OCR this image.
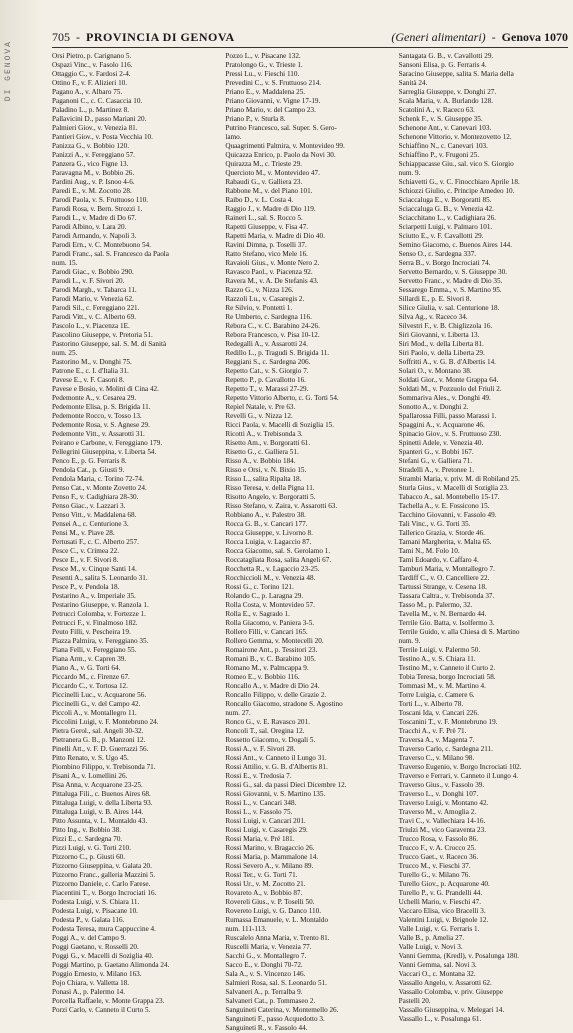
DI GENOVA
705  -  PROVINCIA DI GENOVA	(Generi alimentari)  -  Genova 1070
Orsi Pietro, p. Carignano 5.
Ospazi Vinc., v. Fasolo 116.
Ottaggio C., v. Fardosi 2-4.
Ottino F., v. F. Alizieri 10.
Pagano A., v. Albaro 75.
Paganoni C., c. C. Casaccia 10.
Paladino L., p. Martinez 8.
Pallavicini D., passo Mariani 20.
Palmieri Giov., v. Venezia 81.
Pantieri Giov., v. Posta Vecchia 10.
Panizza G., v. Bobbio 120.
Panizzi A., v. Fereggiano 57.
Panzera G., vico Figne 13.
Paravagna M., v. Bobbio 26.
Pardini Aug., v. P. Isnoo 4-6.
Paredi E., v. M. Zocotto 28.
Parodi Paola, v. S. Fruttuoso 110.
Parodi Rosa, v. Bern. Strozzi 1.
Parodi L., v. Madre di Do 67.
Parodi Albino, v. Lara 20.
Parodi Armando, v. Napoli 3.
Parodi Ern., v. C. Montebuono 54.
Parodi Franc., sal. S. Francesco da Paola
num. 15.
Parodi Giac., v. Bobbio 290.
Parodi L., v. F. Sivori 20.
Parodi Margh., v. Tabarca 11.
Parodi Mario, v. Venezia 62.
Parodi Sil., c. Fereggiano 221.
Parodi Vitt., v. C. Alberto 69.
Pascolo L., v. Piacenza 1E.
Pascolino Giuseppe, v. Pretoria 51.
Pastorino Giuseppe, sal. S. M. di Sanità
num. 25.
Pastorino M., v. Donghi 75.
Patrone E., c. I. d'Italia 31.
Pavese E., v. F. Casoni 8.
Pavese e Bosio, v. Molini di Cina 42.
Pedemonte A., v. Cesarea 29.
Pedemonte Elisa, p. S. Brigida 11.
Pedemonte Rocco, v. Tosso 13.
Pedemonte Rosa, v. S. Agnese 29.
Pedemonte Vitt., v. Assarotti 31.
Peirano e Carbone, v. Fereggiano 179.
Pellegrini Giuseppina, v. Liberta 54.
Penco E., p. G. Ferraris 8.
Pendola Cat., p. Giusti 9.
Pendola Maria, c. Torino 72-74.
Penso Cat., v. Monte Zovetto 24.
Penso F., v. Cadighiara 28-30.
Penso Giac., v. Lazzari 3.
Penso Vitt., v. Maddalena 68.
Pensei A., c. Centurione 3.
Pensi M., v. Piave 28.
Pertusati F., c. C. Alberto 257.
Pesce C., v. Crimea 22.
Pesce E., v. F. Sivori 8.
Pesce M., v. Cinque Santi 14.
Pesenti A., salita S. Leonardo 31.
Pesce P., v. Pendola 18.
Pestarino A., v. Imperiale 35.
Pestarino Giuseppe, v. Ranzola 1.
Petrucci Colomba, v. Fortezze 1.
Petrucci F., v. Finalmoso 182.
Peuto Filli, v. Pescheira 19.
Piazza Palmira, v. Fereggiano 35.
Piana Felli, v. Fereggiano 55.
Piana Arm., v. Capren 39.
Piano A., v. G. Torti 64.
Piccardo M., c. Firenze 67.
Piccardo C., v. Tortosa 12.
Piccinelli Luc., v. Acquarone 56.
Piccinelli G., v. del Campo 42.
Piccoli A., v. Montallegro 11.
Piccolini Luigi, v. F. Montebruno 24.
Pietra Gerol., sal. Angeli 30-32.
Pietranera G. B., p. Manzoni 12.
Pinelli Att., v. F. D. Guerrazzi 56.
Pitto Renato, v. S. Ugo 45.
Piombino Filippo, v. Trebisonda 71.
Pisani A., v. Lomellini 26.
Pisa Anna, v. Acquarone 23-25.
Pittaluga Fili., c. Buenos Aires 68.
Pittaluga Luigi, v. della Liberta 93.
Pittaluga Luigi, v. B. Aires 144.
Pitto Assunta, v. L. Montaldo 43.
Pitto Ing., v. Bobbio 38.
Pizzi E., c. Sardegna 70.
Pizzi Luigi, v. G. Torti 210.
Pizzorno C., p. Giusti 60.
Pizzorno Giuseppina, v. Galata 20.
Pizzorno Franc., galleria Mazzini 5.
Pizzorno Daniele, c. Carlo Farese.
Piacentini T., v. Borgo Incrociati 16.
Podesta Luigi, v. S. Chiara 11.
Podesta Luigi, v. Pisacane 10.
Podesta P., v. Galata 116.
Podesta Teresa, mura Cappuccine 4.
Poggi A., v. del Campo 9.
Poggi Gaetano, v. Rosselli 20.
Poggi G., v. Macelli di Soziglia 40.
Poggi Martino, p. Gaetano Alimonda 24.
Poggio Ernesto, v. Milano 163.
Pojo Chiara, v. Valletta 18.
Ponasi A., p. Palermo 14.
Porcella Raffaele, v. Monte Grappa 23.
Porzi Carlo, v. Canneto il Curto 5.
Pozzo L., v. Pisacane 132.
Pratolongo G., v. Trieste 1.
Pressi Lu., v. Fieschi 110.
Prevedini C., v. S. Fruttuoso 214.
Priano E., v. Maddalena 25.
Priano Giovanni, v. Vigne 17-19.
Priano Mario, v. del Campo 23.
Priano P., v. Sturla 8.
Putrino Francesco, sal. Super. S. Gero-
lamo.
Quaagrimenti Palmira, v. Montevideo 99.
Quicazza Enrico, p. Paolo da Novi 30.
Quirazza M., c. Trieste 29.
Quercioto M., v. Montevideo 47.
Rabaudi G., v. Galliera 23.
Rabbone M., v. del Piano 101.
Raibo D., v. L. Costa 4.
Raggio J., v. Madre di Dio 119.
Raineri L., sal. S. Rocco 5.
Rapetti Giuseppe, v. Fisa 47.
Rapetti Maria, v. Madre di Dio 40.
Ravini Dimna, p. Toselli 37.
Ratto Stefano, vico Mele 16.
Ravaioli Gius., v. Monte Nero 2.
Ravasco Paol., v. Piacenza 92.
Ravera M., v. A. De Stefanis 43.
Razzo G., v. Nizza 126.
Razzoli Lu., v. Casaregis 2.
Re Silvio, v. Pontetti 1.
Re Umberto, c. Sardegna 116.
Rebora C., v. C. Barabino 24-26.
Rebora Francesco, v. Pisa 10-12.
Redegalli A., v. Assarotti 24.
Redillo L., p. Tragudi S. Brigida 11.
Reggiani S., c. Sardegna 206.
Repetto Cat., v. S. Giorgio 7.
Repetto P., p. Cavallotto 16.
Repetto T., v. Marassi 27-29.
Repetto Vittorio Alberto, c. G. Torti 54.
Repiel Natale, v. Pre 63.
Revelli G., v. Nizza 12.
Ricci Paola, v. Macelli di Soziglia 15.
Ricotti A., v. Trebisonda 3.
Risetto Am., v. Borgoratti 61.
Risetto G., c. Galliera 51.
Risso A., v. Bobbio 184.
Risso e Orsi, v. N. Bixio 15.
Risso L., salita Ripalta 18.
Risso Teresa, v. della Pigna 11.
Risotto Angelo, v. Borgoratti 5.
Risso Stefano, v. Zaira, v. Assarotti 63.
Robbiano A., v. Palestro 38.
Rocca G. B., v. Cancari 177.
Rocca Giuseppe, v. Livorno 8.
Rocca Luigia, v. Lagaccio 87.
Rocca Giacomo, sal. S. Gerolamo 1.
Roccatagliata Rosa, salita Angeli 67.
Rocchetta R., v. Lagaccio 23-25.
Rocchiccioli M., v. Venezia 48.
Rossi G., c. Torino 121.
Rolando C., p. Laragna 29.
Rolla Costa, v. Montevideo 57.
Rolla E., v. Sagrado 1.
Rolla Giacomo, v. Paniera 3-5.
Rollero Filli, v. Cancari 165.
Rollero Gemma, v. Montecelli 20.
Romairone Ant., p. Tessitori 23.
Romani B., v. C. Barabino 105.
Romano M., v. Palmcappa 9.
Romeo E., v. Bobbio 116.
Roncallo A., v. Madre di Dio 24.
Roncallo Filippo, v. delle Grazie 2.
Roncallo Giacomo, stradone S. Agostino
num. 27.
Ronco G., v. E. Ravasco 201.
Roncoli T., sal. Oregina 12.
Rossetto Giacomo, v. Dogali 5.
Rossi A., v. F. Sivori 28.
Rossi Ant., v. Canneto il Lungo 31.
Rossi Attilio, v. G. B. d'Albertis 81.
Rossi E., v. Tredosia 7.
Rossi G., sal. da passi Dieci Dicembre 12.
Rossi Giovanni, v. S. Martino 135.
Rossi L., v. Cancari 348.
Rossi L., v. Fassolo 75.
Rossi Luigi, v. Cancari 201.
Rossi Luigi, v. Casaregis 29.
Rossi Maria, v. Pré 181.
Rossi Marino, v. Bragaccio 26.
Rossi Maria, p. Mammalone 14.
Rossi Severo A., v. Milano 89.
Rossi Ter., v. G. Torti 71.
Rossi Ur., v. M. Zocotto 21.
Rovareto A., v. Bobbio 87.
Rovereli Gius., v. P. Toselli 50.
Rovereto Luigi, v. G. Danco 110.
Rumassa Emanuele, v. L. Montaldo
num. 111-113.
Ruscalelo Anna Maria, v. Trento 81.
Ruscelli Maria, v. Venezia 77.
Sacchi G., v. Montallegro 7.
Sacco E., v. Donghi 70-72.
Sala A., v. S. Vincenzo 146.
Salmieri Rosa, sal. S. Leonardo 51.
Salvaneri A., p. Terralba 9.
Salvaneri Cat., p. Tommaseo 2.
Sanguineti Caterina, v. Montemello 26.
Sanguineti F., passo Acquedotto 3.
Sanguineti R., v. Fassolo 44.
Santagata G. B., v. Cavallotti 29.
Sansoni Elisa, p. G. Ferraris 4.
Saracino Giuseppe, salita S. Maria della
Sanità 24.
Sarreglia Giuseppe, v. Donghi 27.
Scala Maria, v. A. Burlando 128.
Scatolini A., v. Raceco 63.
Schenk F., v. S. Giuseppe 35.
Schenone Ant., v. Canevari 103.
Schenone Vittorio, v. Montezovetto 12.
Schiaffino N., c. Canevari 103.
Schiaffino P., v. Frugoni 25.
Schiappacasse Giu., sal. vico S. Giorgio
num. 9.
Schiavetti G., v. C. Finocchiaro Aprile 18.
Schiozzi Giulio, c. Principe Amedeo 10.
Sciaccaluga E., v. Borgoratti 85.
Sciaccaluga G. B., v. Venezia 42.
Sciacchitano L., v. Cadighiara 26.
Sciarpetti Luigi, v. Palmaro 101.
Sciutto E., v. F. Cavallotti 29.
Semino Giacomo, c. Buenos Aires 144.
Senso O., c. Sardegna 337.
Serra B., v. Borgo Incrociati 74.
Servetto Bernardo, v. S. Giuseppe 30.
Servetto Franc., v. Madre di Dio 35.
Sessarego Emma., v. S. Martino 95.
Sillardi E., p. E. Sivori 8.
Silice Giulia, v. sal. Centurione 18.
Silva Ag., v. Raceco 34.
Silvestri F., v. B. Chiglizzola 16.
Siri Giovanni, v. Liberta 13.
Siri Mod., v. della Liberta 81.
Siri Paolo, v. della Liberta 29.
Soffritti A., v. G. B. d'Albertis 14.
Solari O., v. Montano 38.
Soldati Gior., v. Monte Grappa 64.
Soldati M., v. Pozzuolo del Friuli 2.
Sommariva Ales., v. Donghi 49.
Sonotto A., v. Donghi 2.
Spallarossa Filli, passo Marassi 1.
Spaggini A., v. Acquarone 46.
Spinacio Giov., v. S. Fruttuoso 230.
Spinetti Adele, v. Venezia 40.
Spanteri G., v. Bobbi 167.
Stefani G., v. Galliera 71.
Stradelli A., v. Pretonee 1.
Strambi Maria, v. priv. M. di Robiland 25.
Sturla Gius., v. Macelli di Soziglia 23.
Tabacco A., sal. Montebello 15-17.
Tachella A., v. E. Fossicono 15.
Tacchino Giovanni, v. Fassolo 49.
Tali Vinc., v. G. Torti 35.
Tallerico Grazia, v. Storde 46.
Tamani Margherita, v. Malta 65.
Tami N., M. Folo 10.
Tami Edoardo, v. Caffaro 4.
Tamburi Maria, v. Montallegro 7.
Tardiff C., v. O. Cancelliere 22.
Tartussi Strange, v. Cesena 18.
Tassara Caltra., v. Trebisonda 37.
Tasso M., p. Palermo, 32.
Tavella M., v. N. Bernardo 44.
Terrile Gio. Batta, v. Isolfermo 3.
Terrile Guido, v. alla Chiesa di S. Martino
num. 9.
Terrile Luigi, v. Palermo 50.
Testino A., v. S. Chiara 11.
Testino M., v. Canneto il Curto 2.
Tobia Teresa, borgo Incrociati 58.
Tommasi M., v. M. Martino 4.
Torre Luigia, c. Camere 6.
Torti L., v. Alberto 78.
Toscani Ida, v. Cancari 226.
Toscanini T., v. F. Montebruno 19.
Tracchi A., v. F. Prè 71.
Traversa A., v. Magenta 7.
Traverso Carlo, c. Sardegna 211.
Traverso C., v. Milano 98.
Traverso Eugenio, v. Borgo Incrociati 102.
Traverso e Ferrari, v. Canneto il Lungo 4.
Traverso Gius., v. Fassolo 39.
Traverso L., v. Donghi 107.
Traverso Luigi, v. Montano 42.
Traverso M., v. Amoglia 2.
Travi C., v. Vallechiara 14-16.
Triulzi M., vico Garaventa 23.
Trucco Rosa, v. Fassolo 86.
Trucco F., v. A. Crocco 25.
Trucco Gaet., v. Raceco 36.
Trucco M., v. Fieschi 37.
Turello G., v. Milano 76.
Turello Giov., p. Acquarone 40.
Turello P., v. G. Prandelli 44.
Uchelli Mario, v. Fieschi 47.
Vaccaro Elisa, vico Bracelli 3.
Valentini Luigi, v. Brignole 12.
Valle Luigi, v. G. Ferraris 1.
Valle B., p. Amelia 27.
Valle Luigi, v. Novi 3.
Vanni Gemma, (Kredl), v. Posalunga 180.
Vanni Gemma, sal. Novi 3.
Vaccari O., c. Montana 32.
Vassallo Angelo, v. Assarotti 62.
Vassallo Colomba, v. priv. Giuseppe
Pastelli 20.
Vassallo Giuseppina, v. Melegari 14.
Vassallo L., v. Posalunga 61.
